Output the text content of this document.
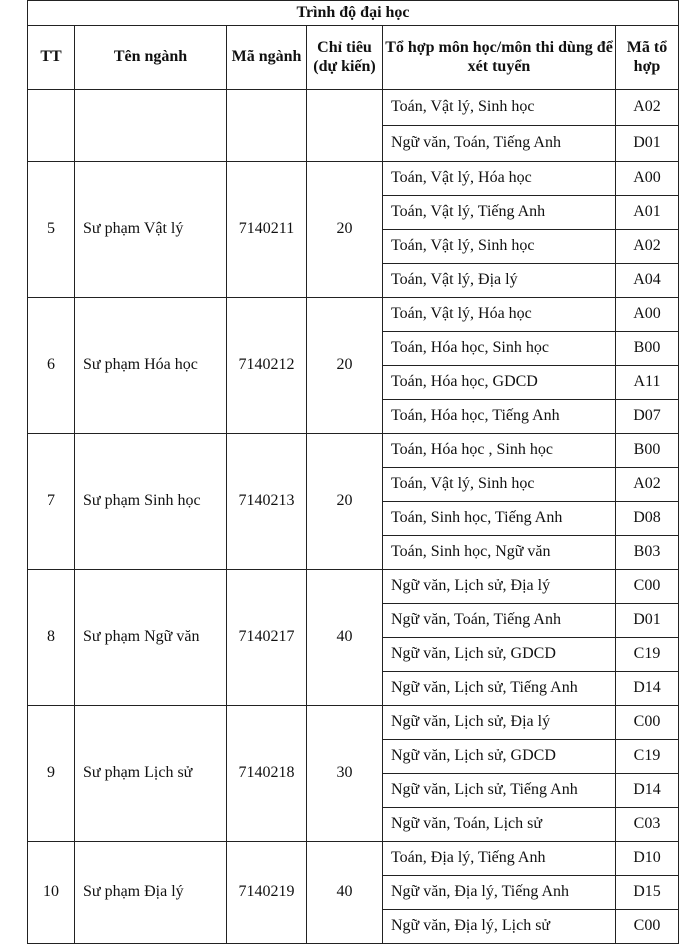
Trình độ đại học					
TT	Tên ngành	Mã ngành	Chỉ tiêu (dự kiến)	Tổ hợp môn học/môn thi dùng để xét tuyển	Mã tổ hợp
				Toán, Vật lý, Sinh học	A02
				Ngữ văn, Toán, Tiếng Anh	D01
5	Sư phạm Vật lý	7140211	20	Toán, Vật lý, Hóa học	A00
				Toán, Vật lý, Tiếng Anh	A01
				Toán, Vật lý, Sinh học	A02
				Toán, Vật lý, Địa lý	A04
6	Sư phạm Hóa học	7140212	20	Toán, Vật lý, Hóa học	A00
				Toán, Hóa học, Sinh học	B00
				Toán, Hóa học, GDCD	A11
				Toán, Hóa học, Tiếng Anh	D07
7	Sư phạm Sinh học	7140213	20	Toán, Hóa học , Sinh học	B00
				Toán, Vật lý, Sinh học	A02
				Toán, Sinh học, Tiếng Anh	D08
				Toán, Sinh học, Ngữ văn	B03
8	Sư phạm Ngữ văn	7140217	40	Ngữ văn, Lịch sử, Địa lý	C00
				Ngữ văn, Toán, Tiếng Anh	D01
				Ngữ văn, Lịch sử, GDCD	C19
				Ngữ văn, Lịch sử, Tiếng Anh	D14
9	Sư phạm Lịch sử	7140218	30	Ngữ văn, Lịch sử, Địa lý	C00
				Ngữ văn, Lịch sử, GDCD	C19
				Ngữ văn, Lịch sử, Tiếng Anh	D14
				Ngữ văn, Toán, Lịch sử	C03
10	Sư phạm Địa lý	7140219	40	Toán, Địa lý, Tiếng Anh	D10
				Ngữ văn, Địa lý, Tiếng Anh	D15
				Ngữ văn, Địa lý, Lịch sử	C00
